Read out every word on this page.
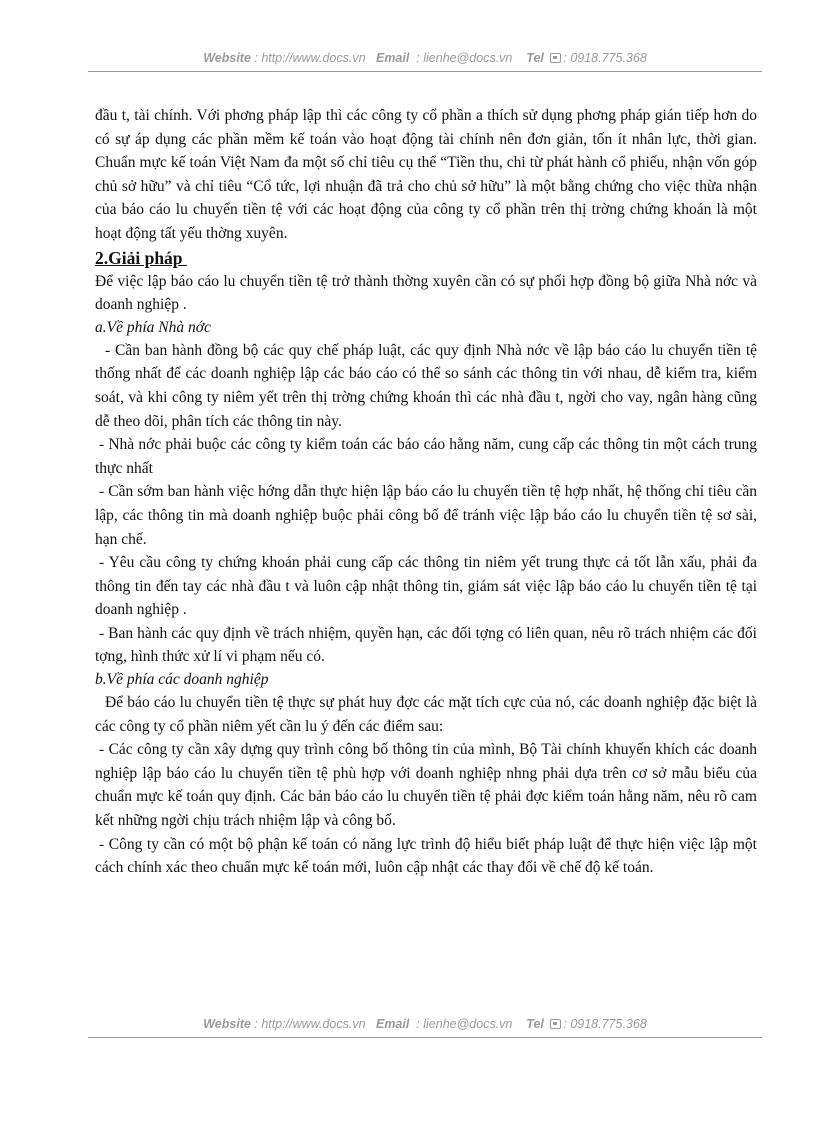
Website : http://www.docs.vn Email : lienhe@docs.vn Tel : 0918.775.368

đầu t, tài chính. Với phơng pháp lập thì các công ty cổ phần a thích sử dụng phơng pháp gián tiếp hơn do có sự áp dụng các phần mềm kế toán vào hoạt động tài chính nên đơn giản, tốn ít nhân lực, thời gian. Chuẩn mực kế toán Việt Nam đa một số chỉ tiêu cụ thể “Tiền thu, chi từ phát hành cổ phiếu, nhận vốn góp chủ sở hữu” và chỉ tiêu “Cổ tức, lợi nhuận đã trả cho chủ sở hữu” là một bằng chứng cho việc thừa nhận của báo cáo lu chuyển tiền tệ với các hoạt động của công ty cổ phần trên thị trờng chứng khoán là một hoạt động tất yếu thờng xuyên.

2.Giải pháp

Để việc lập báo cáo lu chuyển tiền tệ trở thành thờng xuyên cần có sự phối hợp đồng bộ giữa Nhà nớc và doanh nghiệp .

a.Về phía Nhà nớc

- Cần ban hành đồng bộ các quy chế pháp luật, các quy định Nhà nớc về lập báo cáo lu chuyển tiền tệ thống nhất để các doanh nghiệp lập các báo cáo có thể so sánh các thông tin với nhau, dễ kiểm tra, kiểm soát, và khi công ty niêm yết trên thị trờng chứng khoán thì các nhà đầu t, ngời cho vay, ngân hàng cũng dễ theo dõi, phân tích các thông tin này.

- Nhà nớc phải buộc các công ty kiểm toán các báo cáo hằng năm, cung cấp các thông tin một cách trung thực nhất

- Cần sớm ban hành việc hớng dẫn thực hiện lập báo cáo lu chuyển tiền tệ hợp nhất, hệ thống chỉ tiêu cần lập, các thông tin mà doanh nghiệp buộc phải công bố để tránh việc lập báo cáo lu chuyển tiền tệ sơ sài, hạn chế.

- Yêu cầu công ty chứng khoán phải cung cấp các thông tin niêm yết trung thực cả tốt lẫn xấu, phải đa thông tin đến tay các nhà đầu t và luôn cập nhật thông tin, giám sát việc lập báo cáo lu chuyển tiền tệ tại doanh nghiệp .

- Ban hành các quy định về trách nhiệm, quyền hạn, các đối tợng có liên quan, nêu rõ trách nhiệm các đối tợng, hình thức xử lí vi phạm nếu có.

b.Về phía các doanh nghiệp

Để báo cáo lu chuyển tiền tệ thực sự phát huy đợc các mặt tích cực của nó, các doanh nghiệp đặc biệt là các công ty cổ phần niêm yết cần lu ý đến các điểm sau:

- Các công ty cần xây dựng quy trình công bố thông tin của mình, Bộ Tài chính khuyến khích các doanh nghiệp lập báo cáo lu chuyển tiền tệ phù hợp với doanh nghiệp nhng phải dựa trên cơ sở mẫu biểu của chuẩn mực kế toán quy định. Các bản báo cáo lu chuyển tiền tệ phải đợc kiểm toán hằng năm, nêu rõ cam kết những ngời chịu trách nhiệm lập và công bố.

- Công ty cần có một bộ phận kế toán có năng lực trình độ hiểu biết pháp luật để thực hiện việc lập một cách chính xác theo chuẩn mực kế toán mới, luôn cập nhật các thay đổi về chế độ kế toán.

Website : http://www.docs.vn Email : lienhe@docs.vn Tel : 0918.775.368
